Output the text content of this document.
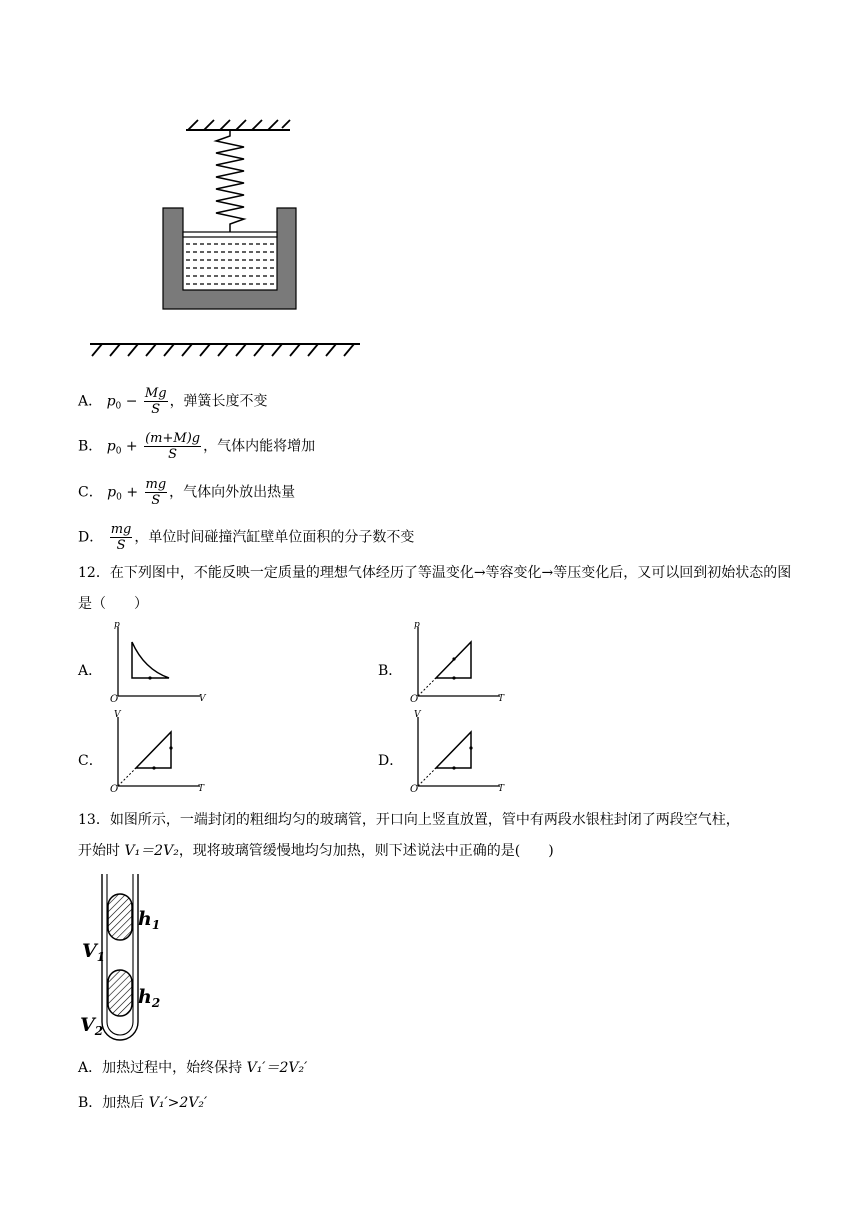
A． $p_0 - \frac{Mg}{S}$ ，弹簧长度不变
B． $p_0 + \frac{(m+M)g}{S}$ ，气体内能将增加
C． $p_0 + \frac{mg}{S}$ ，气体向外放出热量
D． $\frac{mg}{S}$ ，单位时间碰撞汽缸壁单位面积的分子数不变
12．在下列图中，不能反映一定质量的理想气体经历了等温变化→等容变化→等压变化后，又可以回到初始状态的图是（　　）
A．
p
V
O
B．
p
T
O
C．
V
T
O
D．
V
T
O
13．如图所示，一端封闭的粗细均匀的玻璃管，开口向上竖直放置，管中有两段水银柱封闭了两段空气柱，
开始时 V₁＝2V₂，现将玻璃管缓慢地均匀加热，则下述说法中正确的是(　　)
$h_1$
$V_1$
$h_2$
$V_2$
A．加热过程中，始终保持 V₁′＝2V₂′
B．加热后 V₁′>2V₂′
